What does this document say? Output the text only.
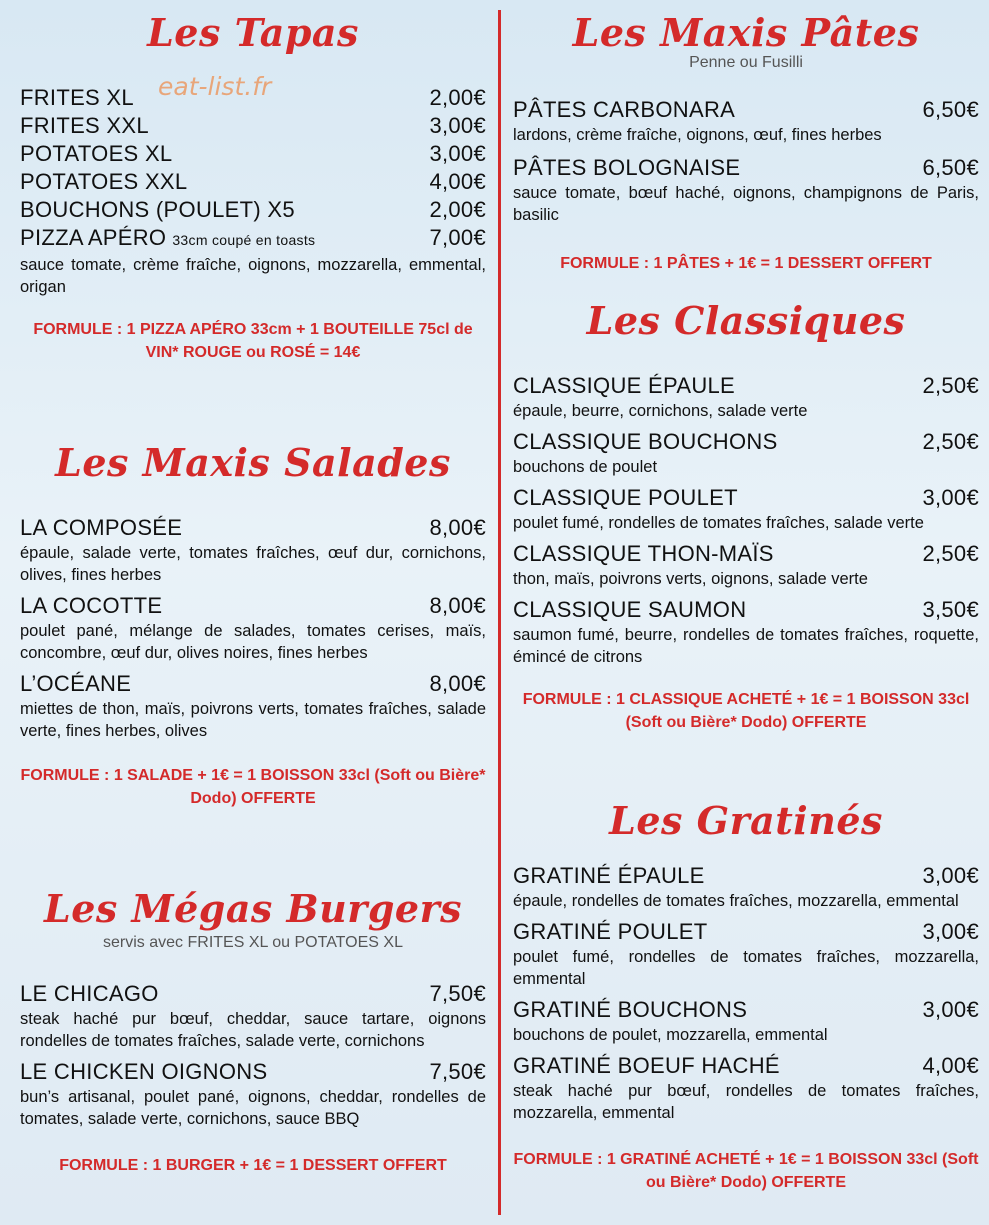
eat-list.fr
Les Tapas
FRITES XL	2,00€
FRITES XXL	3,00€
POTATOES XL	3,00€
POTATOES XXL	4,00€
BOUCHONS (POULET) X5	2,00€
PIZZA APÉRO 33cm coupé en toasts	7,00€
sauce tomate, crème fraîche, oignons, mozzarella, emmental, origan
FORMULE : 1 PIZZA APÉRO 33cm + 1 BOUTEILLE 75cl de VIN* ROUGE ou ROSÉ = 14€
Les Maxis Salades
LA COMPOSÉE	8,00€
épaule, salade verte, tomates fraîches, œuf dur, cornichons, olives, fines herbes
LA COCOTTE	8,00€
poulet pané, mélange de salades, tomates cerises, maïs, concombre, œuf dur, olives noires, fines herbes
L’OCÉANE	8,00€
miettes de thon, maïs, poivrons verts, tomates fraîches, salade verte, fines herbes, olives
FORMULE : 1 SALADE + 1€ = 1 BOISSON 33cl (Soft ou Bière* Dodo) OFFERTE
Les Mégas Burgers
servis avec FRITES XL ou POTATOES XL
LE CHICAGO	7,50€
steak haché pur bœuf, cheddar, sauce tartare, oignons rondelles de tomates fraîches, salade verte, cornichons
LE CHICKEN OIGNONS	7,50€
bun’s artisanal, poulet pané, oignons, cheddar, rondelles de tomates, salade verte, cornichons, sauce BBQ
FORMULE : 1 BURGER + 1€ = 1 DESSERT OFFERT
Les Maxis Pâtes
Penne ou Fusilli
PÂTES CARBONARA	6,50€
lardons, crème fraîche, oignons, œuf, fines herbes
PÂTES BOLOGNAISE	6,50€
sauce tomate, bœuf haché, oignons, champignons de Paris, basilic
FORMULE : 1 PÂTES + 1€ = 1 DESSERT OFFERT
Les Classiques
CLASSIQUE ÉPAULE	2,50€
épaule, beurre, cornichons, salade verte
CLASSIQUE BOUCHONS	2,50€
bouchons de poulet
CLASSIQUE POULET	3,00€
poulet fumé, rondelles de tomates fraîches, salade verte
CLASSIQUE THON-MAÏS	2,50€
thon, maïs, poivrons verts, oignons, salade verte
CLASSIQUE SAUMON	3,50€
saumon fumé, beurre, rondelles de tomates fraîches, roquette, émincé de citrons
FORMULE : 1 CLASSIQUE ACHETÉ + 1€ = 1 BOISSON 33cl (Soft ou Bière* Dodo) OFFERTE
Les Gratinés
GRATINÉ ÉPAULE	3,00€
épaule, rondelles de tomates fraîches, mozzarella, emmental
GRATINÉ POULET	3,00€
poulet fumé, rondelles de tomates fraîches, mozzarella, emmental
GRATINÉ BOUCHONS	3,00€
bouchons de poulet, mozzarella, emmental
GRATINÉ BOEUF HACHÉ	4,00€
steak haché pur bœuf, rondelles de tomates fraîches, mozzarella, emmental
FORMULE : 1 GRATINÉ ACHETÉ + 1€ = 1 BOISSON 33cl (Soft ou Bière* Dodo) OFFERTE
